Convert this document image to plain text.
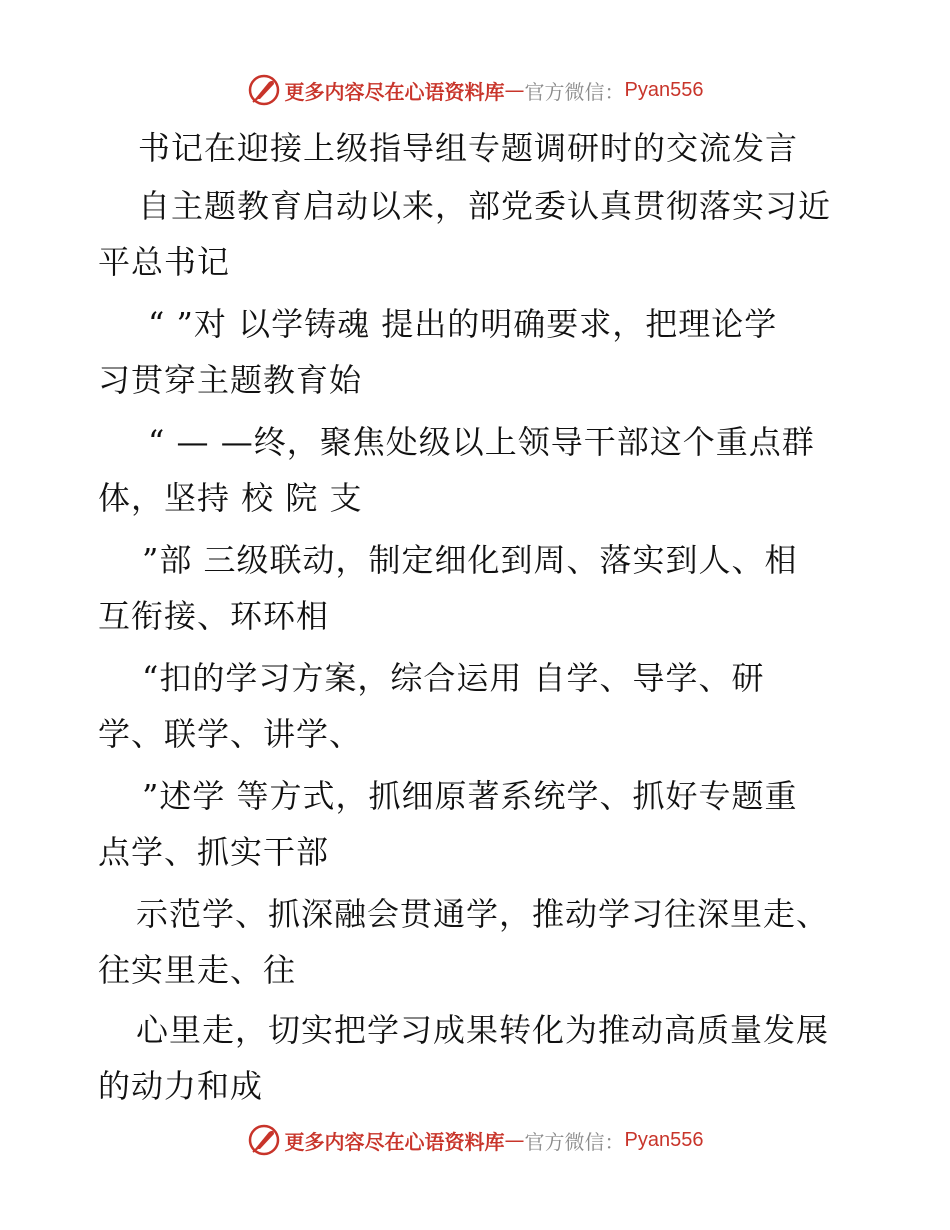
更多内容尽在心语资料库 — 官方微信： Pyan556
书记在迎接上级指导组专题调研时的交流发言
自主题教育启动以来，部党委认真贯彻落实习近
平总书记
“ ”对 以学铸魂 提出的明确要求，把理论学
习贯穿主题教育始
“ — —终，聚焦处级以上领导干部这个重点群
体，坚持 校 院 支
”部 三级联动，制定细化到周、落实到人、相
互衔接、环环相
“扣的学习方案，综合运用 自学、导学、研
学、联学、讲学、
”述学 等方式，抓细原著系统学、抓好专题重
点学、抓实干部
示范学、抓深融会贯通学，推动学习往深里走、
往实里走、往
心里走，切实把学习成果转化为推动高质量发展
的动力和成
更多内容尽在心语资料库 — 官方微信： Pyan556
